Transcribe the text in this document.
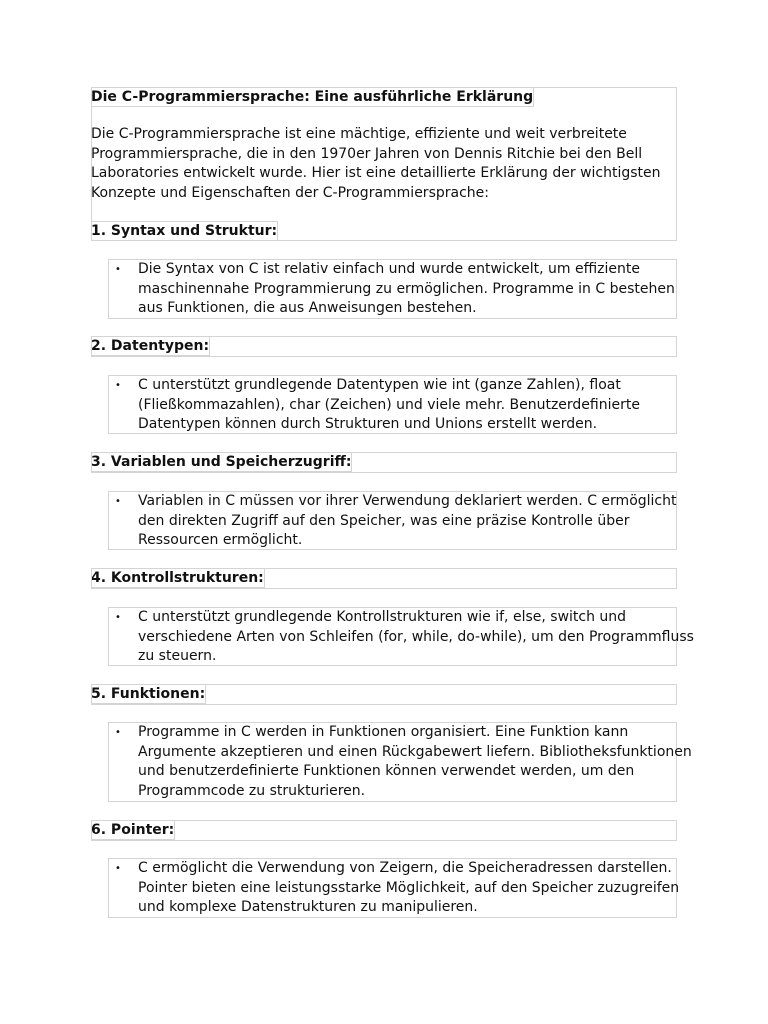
Die C-Programmiersprache: Eine ausführliche Erklärung
Die C-Programmiersprache ist eine mächtige, effiziente und weit verbreitete
Programmiersprache, die in den 1970er Jahren von Dennis Ritchie bei den Bell
Laboratories entwickelt wurde. Hier ist eine detaillierte Erklärung der wichtigsten
Konzepte und Eigenschaften der C-Programmiersprache:
1. Syntax und Struktur:
• Die Syntax von C ist relativ einfach und wurde entwickelt, um effiziente
maschinennahe Programmierung zu ermöglichen. Programme in C bestehen
aus Funktionen, die aus Anweisungen bestehen.
2. Datentypen:
• C unterstützt grundlegende Datentypen wie int (ganze Zahlen), float
(Fließkommazahlen), char (Zeichen) und viele mehr. Benutzerdefinierte
Datentypen können durch Strukturen und Unions erstellt werden.
3. Variablen und Speicherzugriff:
• Variablen in C müssen vor ihrer Verwendung deklariert werden. C ermöglicht
den direkten Zugriff auf den Speicher, was eine präzise Kontrolle über
Ressourcen ermöglicht.
4. Kontrollstrukturen:
• C unterstützt grundlegende Kontrollstrukturen wie if, else, switch und
verschiedene Arten von Schleifen (for, while, do-while), um den Programmfluss
zu steuern.
5. Funktionen:
• Programme in C werden in Funktionen organisiert. Eine Funktion kann
Argumente akzeptieren und einen Rückgabewert liefern. Bibliotheksfunktionen
und benutzerdefinierte Funktionen können verwendet werden, um den
Programmcode zu strukturieren.
6. Pointer:
• C ermöglicht die Verwendung von Zeigern, die Speicheradressen darstellen.
Pointer bieten eine leistungsstarke Möglichkeit, auf den Speicher zuzugreifen
und komplexe Datenstrukturen zu manipulieren.
